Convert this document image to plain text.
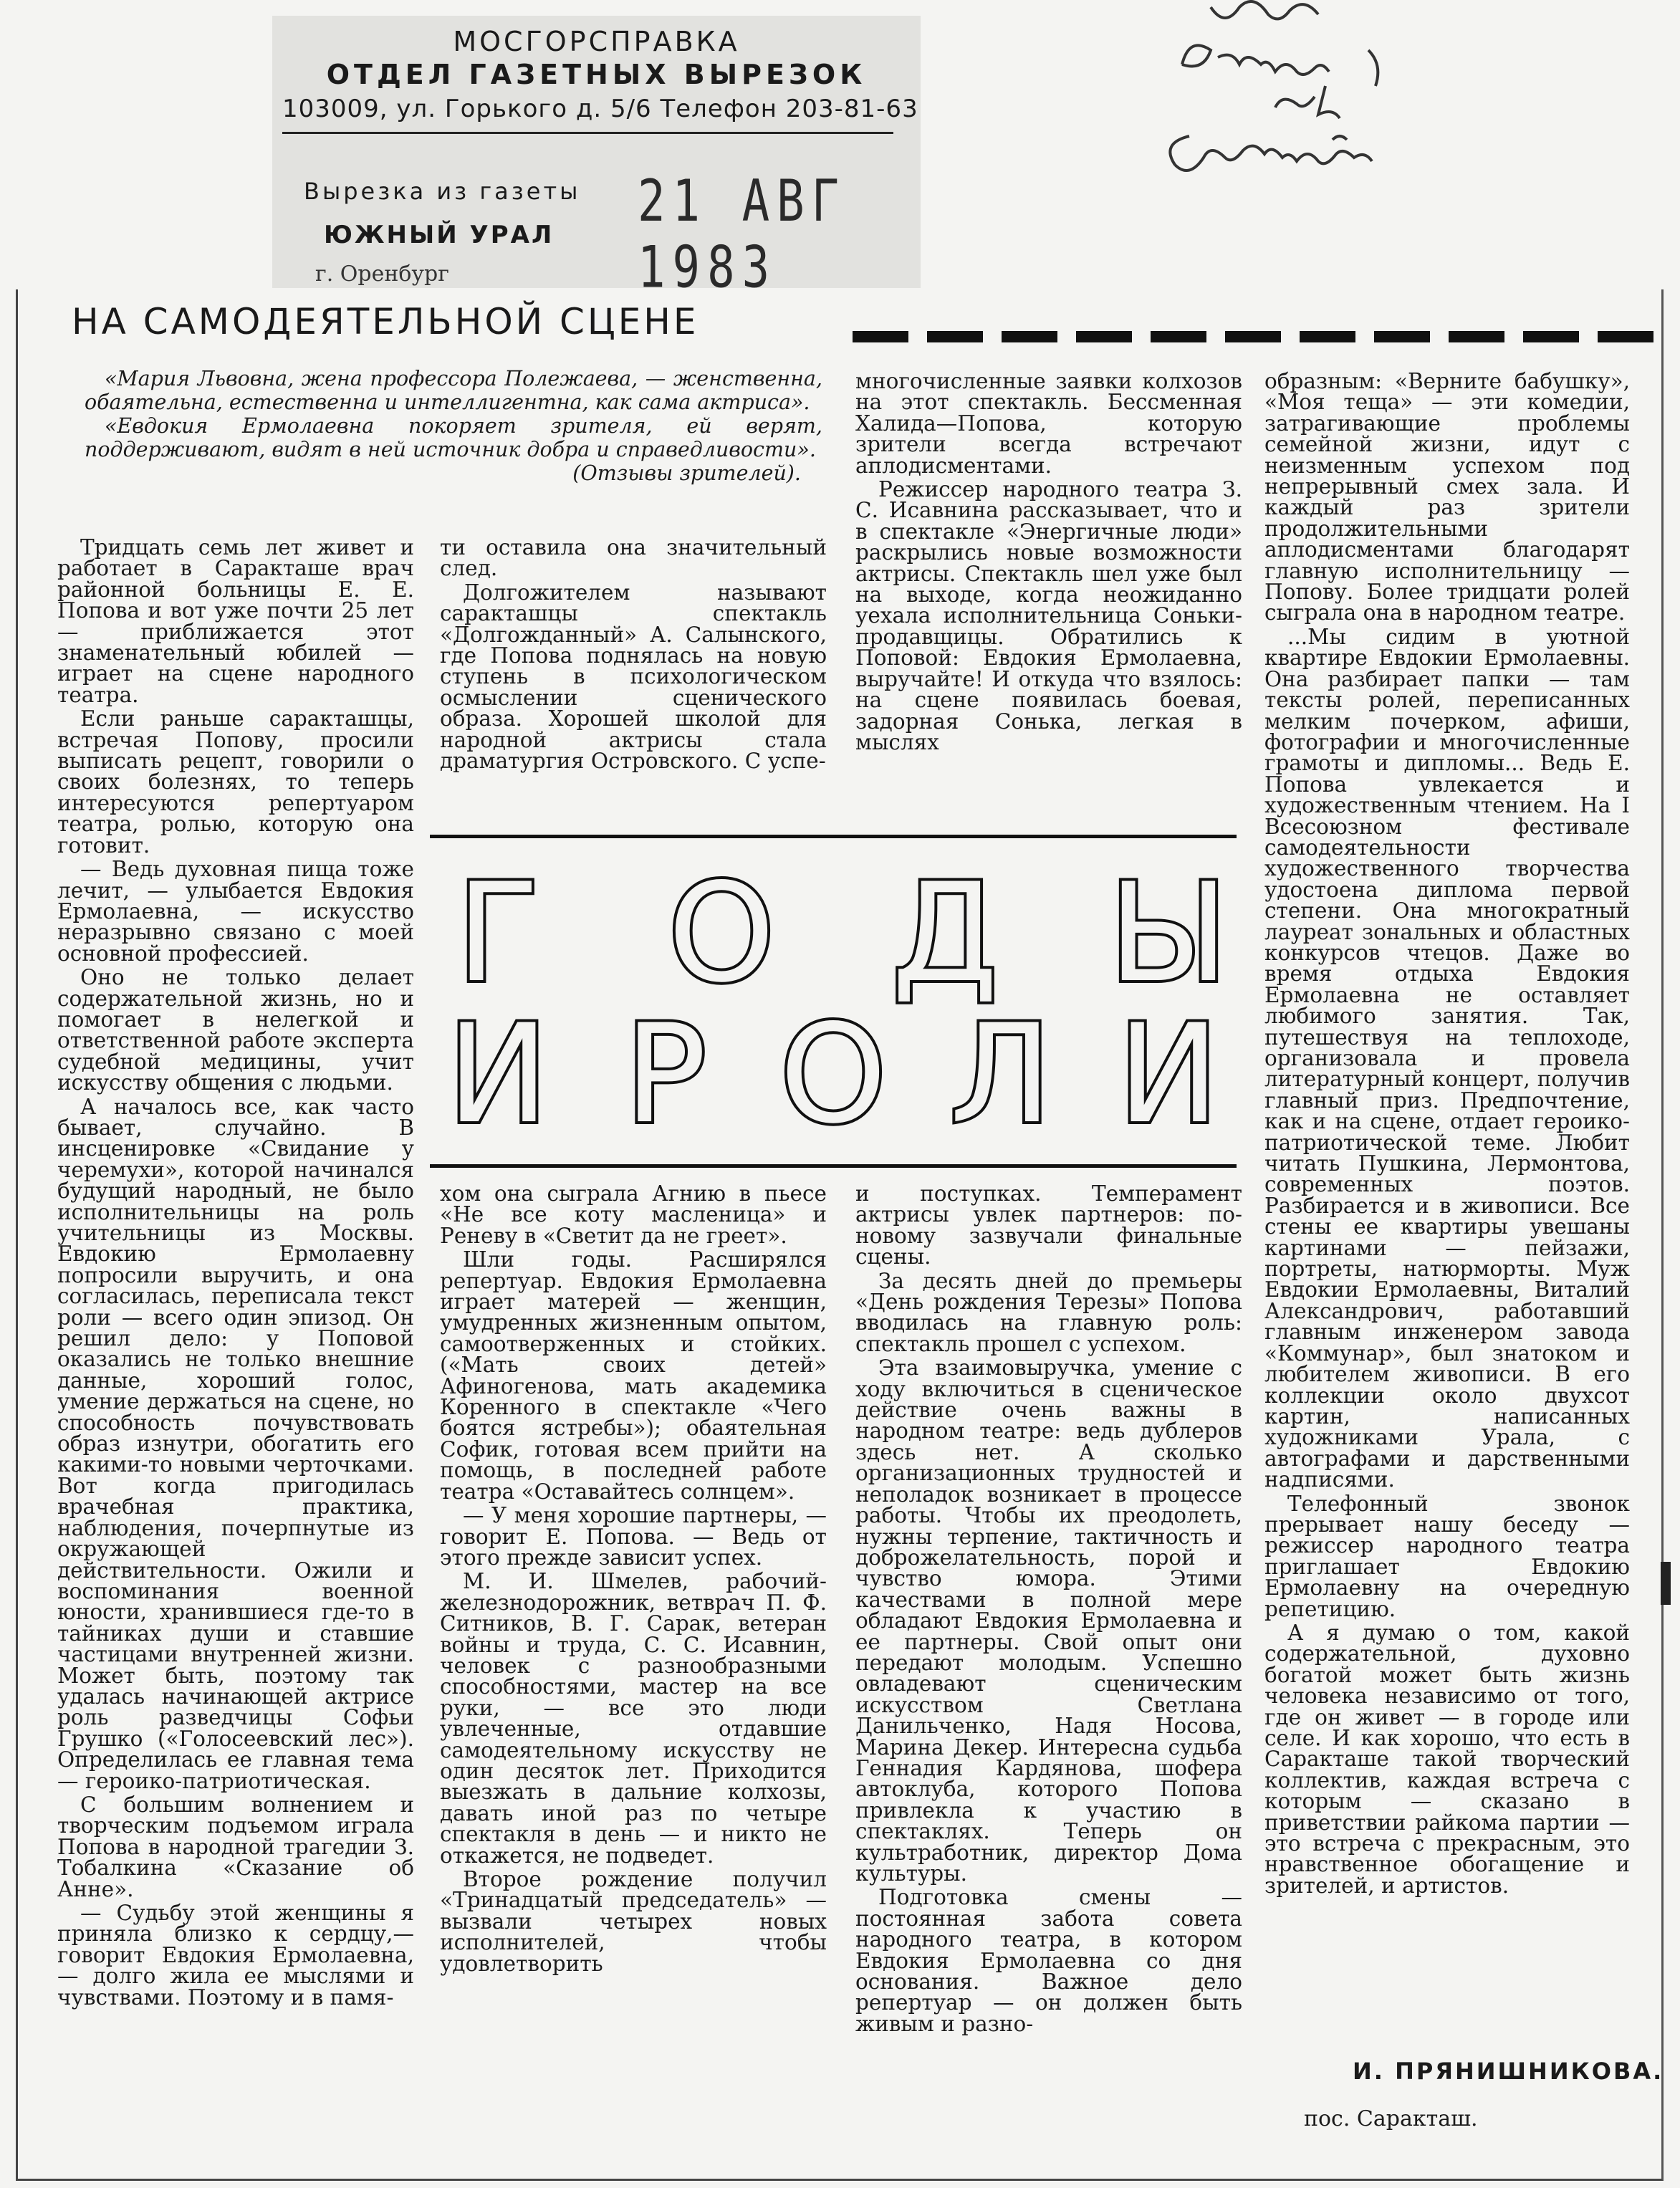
МОСГОРСПРАВКА
ОТДЕЛ ГАЗЕТНЫХ ВЫРЕЗОК
103009, ул. Горького д. 5/6 Телефон 203-81-63
Вырезка из газеты
ЮЖНЫЙ УРАЛ 21 АВГ 1983
г. Оренбург
НА САМОДЕЯТЕЛЬНОЙ СЦЕНЕ

«Мария Львовна, жена профессора Полежаева, — женственна, обаятельна, естественна и интеллигентна, как сама актриса».

«Евдокия Ермолаевна покоряет зрителя, ей верят, поддерживают, видят в ней источник добра и справедливости».

(Отзывы зрителей).

Тридцать семь лет живет и работает в Саракташе врач районной больницы Е. Е. Попова и вот уже почти 25 лет— приближается этот знаменательный юбилей — играет на сцене народного театра.

Если раньше саракташцы, встречая Попову, просили выписать рецепт, говорили о своих болезнях, то теперь интересуются репертуаром театра, ролью, которую она готовит.

— Ведь духовная пища тоже лечит, — улыбается Евдокия Ермолаевна, — искусство неразрывно связано с моей основной профессией.

Оно не только делает содержательной жизнь, но и помогает в нелегкой и ответственной работе эксперта судебной медицины, учит искусству общения с людьми.

А началось все, как часто бывает, случайно. В инсценировке «Свидание у черемухи», которой начинался будущий народный, не было исполнительницы на роль учительницы из Москвы. Евдокию Ермолаевну попросили выручить, и она согласилась, переписала текст роли — всего один эпизод. Он решил дело: у Поповой оказались не только внешние данные, хороший голос, умение держаться на сцене, но способность почувствовать образ изнутри, обогатить его какими-то новыми черточками. Вот когда пригодилась врачебная практика, наблюдения, почерпнутые из окружающей действительности. Ожили и воспоминания военной юности, хранившиеся где-то в тайниках души и ставшие частицами внутренней жизни. Может быть, поэтому так удалась начинающей актрисе роль разведчицы Софьи Грушко («Голосеевский лес»). Определилась ее главная тема — героико-патриотическая.

С большим волнением и творческим подъемом играла Попова в народной трагедии З. Тобалкина «Сказание об Анне».

— Судьбу этой женщины я приняла близко к сердцу,— говорит Евдокия Ермолаевна, — долго жила ее мыслями и чувствами. Поэтому и в памя-

ти оставила она значительный след.

Долгожителем называют саракташцы спектакль «Долгожданный» А. Салынского, где Попова поднялась на новую ступень в психологическом осмыслении сценического образа. Хорошей школой для народной актрисы стала драматургия Островского. С успе-

многочисленные заявки колхозов на этот спектакль. Бессменная Халида—Попова, которую зрители всегда встречают аплодисментами.

Режиссер народного театра З. С. Исавнина рассказывает, что и в спектакле «Энергичные люди» раскрылись новые возможности актрисы. Спектакль шел уже был на выходе, когда неожиданно уехала исполнительница Соньки-продавщицы. Обратились к Поповой: Евдокия Ермолаевна, выручайте! И откуда что взялось: на сцене появилась боевая, задорная Сонька, легкая в мыслях

Г О Д Ы
И Р О Л И

хом она сыграла Агнию в пьесе «Не все коту масленица» и Реневу в «Светит да не греет».

Шли годы. Расширялся репертуар. Евдокия Ермолаевна играет матерей — женщин, умудренных жизненным опытом, самоотверженных и стойких. («Мать своих детей» Афиногенова, мать академика Коренного в спектакле «Чего боятся ястребы»); обаятельная Софик, готовая всем прийти на помощь, в последней работе театра «Оставайтесь солнцем».

— У меня хорошие партнеры, — говорит Е. Попова. — Ведь от этого прежде зависит успех.

М. И. Шмелев, рабочий-железнодорожник, ветврач П. Ф. Ситников, В. Г. Сарак, ветеран войны и труда, С. С. Исавнин, человек с разнообразными способностями, мастер на все руки, — все это люди увлеченные, отдавшие самодеятельному искусству не один десяток лет. Приходится выезжать в дальние колхозы, давать иной раз по четыре спектакля в день — и никто не откажется, не подведет.

Второе рождение получил «Тринадцатый председатель» — вызвали четырех новых исполнителей, чтобы удовлетворить

и поступках. Темперамент актрисы увлек партнеров: по-новому зазвучали финальные сцены.

За десять дней до премьеры «День рождения Терезы» Попова вводилась на главную роль: спектакль прошел с успехом.

Эта взаимовыручка, умение с ходу включиться в сценическое действие очень важны в народном театре: ведь дублеров здесь нет. А сколько организационных трудностей и неполадок возникает в процессе работы. Чтобы их преодолеть, нужны терпение, тактичность и доброжелательность, порой и чувство юмора. Этими качествами в полной мере обладают Евдокия Ермолаевна и ее партнеры. Свой опыт они передают молодым. Успешно овладевают сценическим искусством Светлана Данильченко, Надя Носова, Марина Декер. Интересна судьба Геннадия Кардянова, шофера автоклуба, которого Попова привлекла к участию в спектаклях. Теперь он культработник, директор Дома культуры.

Подготовка смены — постоянная забота совета народного театра, в котором Евдокия Ермолаевна со дня основания. Важное дело репертуар — он должен быть живым и разно-

образным: «Верните бабушку», «Моя теща» — эти комедии, затрагивающие проблемы семейной жизни, идут с неизменным успехом под непрерывный смех зала. И каждый раз зрители продолжительными аплодисментами благодарят главную исполнительницу — Попову. Более тридцати ролей сыграла она в народном театре.

...Мы сидим в уютной квартире Евдокии Ермолаевны. Она разбирает папки — там тексты ролей, переписанных мелким почерком, афиши, фотографии и многочисленные грамоты и дипломы... Ведь Е. Попова увлекается и художественным чтением. На I Всесоюзном фестивале самодеятельности художественного творчества удостоена диплома первой степени. Она многократный лауреат зональных и областных конкурсов чтецов. Даже во время отдыха Евдокия Ермолаевна не оставляет любимого занятия. Так, путешествуя на теплоходе, организовала и провела литературный концерт, получив главный приз. Предпочтение, как и на сцене, отдает героико-патриотической теме. Любит читать Пушкина, Лермонтова, современных поэтов. Разбирается и в живописи. Все стены ее квартиры увешаны картинами — пейзажи, портреты, натюрморты. Муж Евдокии Ермолаевны, Виталий Александрович, работавший главным инженером завода «Коммунар», был знатоком и любителем живописи. В его коллекции около двухсот картин, написанных художниками Урала, с автографами и дарственными надписями.

Телефонный звонок прерывает нашу беседу — режиссер народного театра приглашает Евдокию Ермолаевну на очередную репетицию.

А я думаю о том, какой содержательной, духовно богатой может быть жизнь человека независимо от того, где он живет — в городе или селе. И как хорошо, что есть в Саракташе такой творческий коллектив, каждая встреча с которым — сказано в приветствии райкома партии — это встреча с прекрасным, это нравственное обогащение и зрителей, и артистов.

И. ПРЯНИШНИКОВА.
пос. Саракташ.
